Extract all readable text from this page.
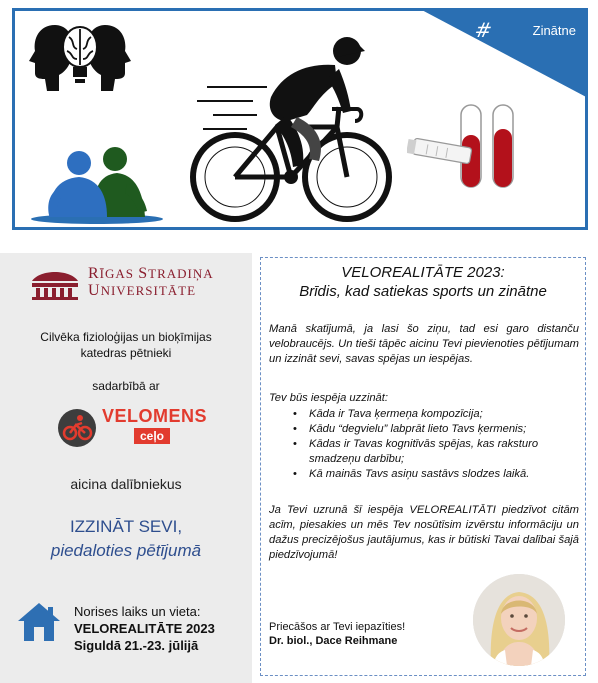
#	Zinātne
RĪGAS STRADIŅA
UNIVERSITĀTE
Cilvēka fizioloģijas un bioķīmijas
katedras pētnieki
sadarbībā ar
VELOMENS
ceļo
aicina dalībniekus
IZZINĀT SEVI,
piedaloties pētījumā
Norises laiks un vieta:
VELOREALITĀTE 2023
Siguldā 21.-23. jūlijā
VELOREALITĀTE 2023:
Brīdis, kad satiekas sports un zinātne
Manā skatījumā, ja lasi šo ziņu, tad esi garo distanču velobraucējs. Un tieši tāpēc aicinu Tevi pievienoties pētījumam un izzināt sevi, savas spējas un iespējas.
Tev būs iespēja uzzināt:
• Kāda ir Tava ķermeņa kompozīcija;
• Kādu “degvielu” labprāt lieto Tavs ķermenis;
• Kādas ir Tavas kognitīvās spējas, kas raksturo smadzeņu darbību;
• Kā mainās Tavs asiņu sastāvs slodzes laikā.
Ja Tevi uzrunā šī iespēja VELOREALITĀTI piedzīvot citām acīm, piesakies un mēs Tev nosūtīsim izvērstu informāciju un dažus precizējošus jautājumus, kas ir būtiski Tavai dalībai šajā piedzīvojumā!
Priecāšos ar Tevi iepazīties!
Dr. biol., Dace Reihmane
